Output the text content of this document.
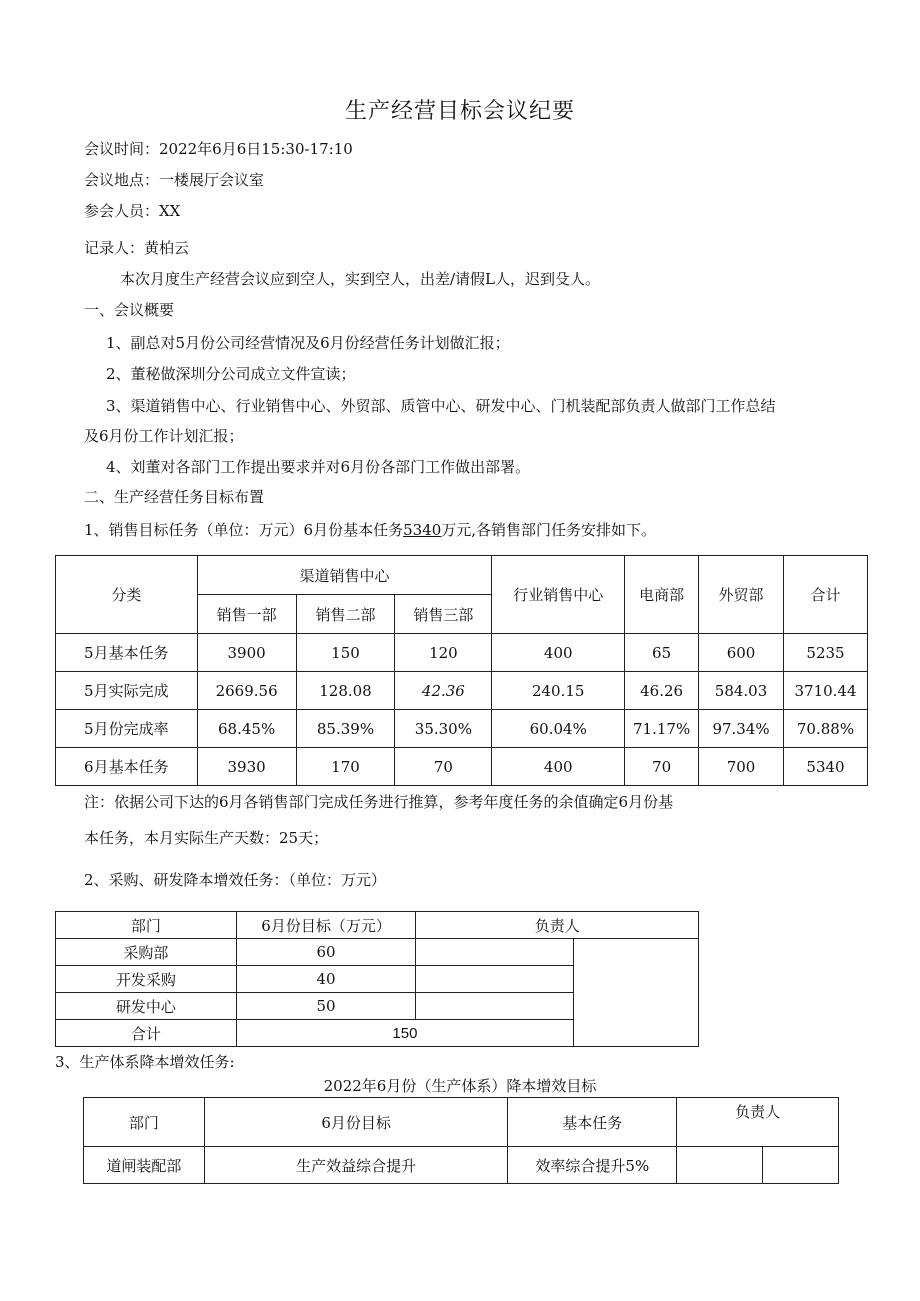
生产经营目标会议纪要
会议时间：2022年6月6日15:30-17:10
会议地点：一楼展厅会议室
参会人员：XX
记录人：黄柏云
本次月度生产经营会议应到空人，实到空人，出差/请假L人，迟到殳人。
一、会议概要
1、副总对5月份公司经营情况及6月份经营任务计划做汇报；
2、董秘做深圳分公司成立文件宣读；
3、渠道销售中心、行业销售中心、外贸部、质管中心、研发中心、门机装配部负责人做部门工作总结
及6月份工作计划汇报；
4、刘董对各部门工作提出要求并对6月份各部门工作做出部署。
二、生产经营任务目标布置
1、销售目标任务（单位：万元）6月份基本任务5340万元,各销售部门任务安排如下。
分类	渠道销售中心			行业销售中心	电商部	外贸部	合计
	销售一部	销售二部	销售三部				
5月基本任务	3900	150	120	400	65	600	5235
5月实际完成	2669.56	128.08	42.36	240.15	46.26	584.03	3710.44
5月份完成率	68.45%	85.39%	35.30%	60.04%	71.17%	97.34%	70.88%
6月基本任务	3930	170	70	400	70	700	5340
注：依据公司下达的6月各销售部门完成任务进行推算，参考年度任务的余值确定6月份基
本任务，本月实际生产天数：25天；
2、采购、研发降本增效任务：（单位：万元）
部门	6月份目标（万元）	负责人	
采购部	60		
开发采购	40		
研发中心	50		
合计	150		
3、生产体系降本增效任务:
2022年6月份（生产体系）降本增效目标
部门	6月份目标	基本任务	负责人	
道闸装配部	生产效益综合提升	效率综合提升5%		
